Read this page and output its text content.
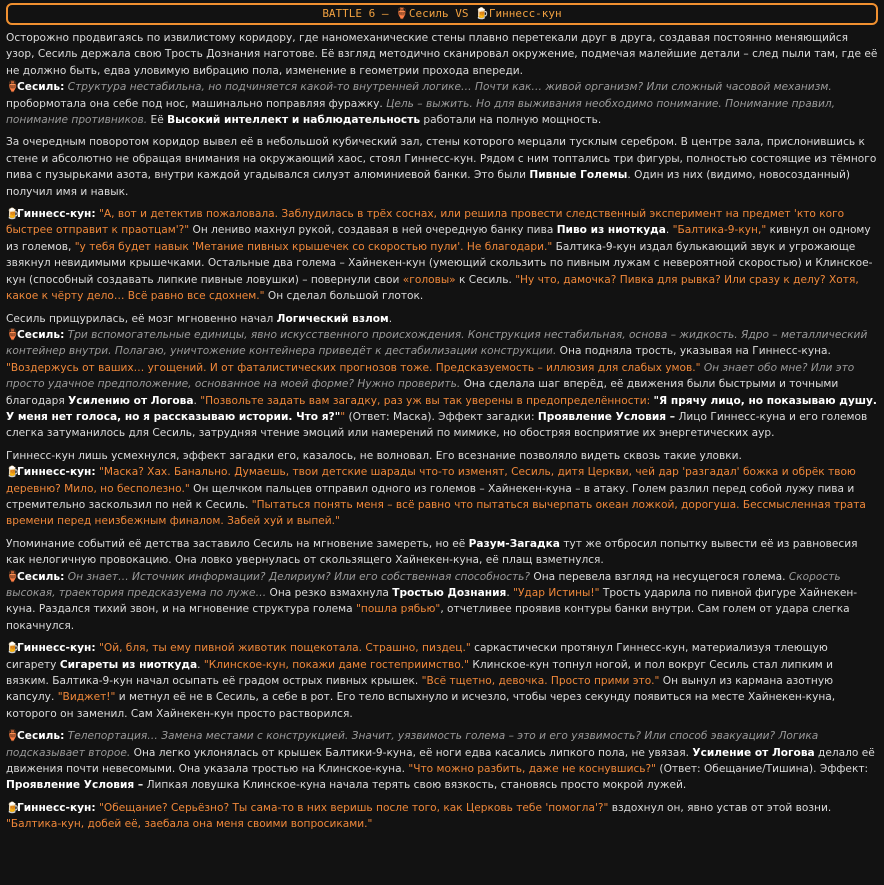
BATTLE 6 –
🏺 Сесиль
VS
🍺 Гиннесс-кун

Осторожно продвигаясь по извилистому коридору, где наномеханические стены плавно перетекали друг в друга, создавая постоянно меняющийся узор, Сесиль держала свою Трость Дознания наготове. Её взгляд методично сканировал окружение, подмечая малейшие детали – след пыли там, где её не должно быть, едва уловимую вибрацию пола, изменение в геометрии прохода впереди.
🏺Сесиль: Структура нестабильна, но подчиняется какой-то внутренней логике… Почти как… живой организм? Или сложный часовой механизм. пробормотала она себе под нос, машинально поправляя фуражку. Цель – выжить. Но для выживания необходимо понимание. Понимание правил, понимание противников. Её Высокий интеллект и наблюдательность работали на полную мощность.

За очередным поворотом коридор вывел её в небольшой кубический зал, стены которого мерцали тусклым серебром. В центре зала, прислонившись к стене и абсолютно не обращая внимания на окружающий хаос, стоял Гиннесс-кун. Рядом с ним топтались три фигуры, полностью состоящие из тёмного пива с пузырьками азота, внутри каждой угадывался силуэт алюминиевой банки. Это были Пивные Големы. Один из них (видимо, новосозданный) получил имя и навык.

🍺Гиннесс-кун: "А, вот и детектив пожаловала. Заблудилась в трёх соснах, или решила провести следственный эксперимент на предмет 'кто кого быстрее отправит к праотцам'?" Он лениво махнул рукой, создавая в ней очередную банку пива Пиво из ниоткуда. "Балтика-9-кун," кивнул он одному из големов, "у тебя будет навык 'Метание пивных крышечек со скоростью пули'. Не благодари." Балтика-9-кун издал булькающий звук и угрожающе звякнул невидимыми крышечками. Остальные два голема – Хайнекен-кун (умеющий скользить по пивным лужам с невероятной скоростью) и Клинское-кун (способный создавать липкие пивные ловушки) – повернули свои «головы» к Сесиль. "Ну что, дамочка? Пивка для рывка? Или сразу к делу? Хотя, какое к чёрту дело… Всё равно все сдохнем." Он сделал большой глоток.

Сесиль прищурилась, её мозг мгновенно начал Логический взлом.
🏺Сесиль: Три вспомогательные единицы, явно искусственного происхождения. Конструкция нестабильная, основа – жидкость. Ядро – металлический контейнер внутри. Полагаю, уничтожение контейнера приведёт к дестабилизации конструкции. Она подняла трость, указывая на Гиннесс-куна. "Воздержусь от ваших… угощений. И от фаталистических прогнозов тоже. Предсказуемость – иллюзия для слабых умов." Он знает обо мне? Или это просто удачное предположение, основанное на моей форме? Нужно проверить. Она сделала шаг вперёд, её движения были быстрыми и точными благодаря Усилению от Логова. "Позвольте задать вам загадку, раз уж вы так уверены в предопределённости: "Я прячу лицо, но показываю душу. У меня нет голоса, но я рассказываю истории. Что я?"" (Ответ: Маска). Эффект загадки: Проявление Условия – Лицо Гиннесс-куна и его големов слегка затуманилось для Сесиль, затрудняя чтение эмоций или намерений по мимике, но обостряя восприятие их энергетических аур.

Гиннесс-кун лишь усмехнулся, эффект загадки его, казалось, не волновал. Его всезнание позволяло видеть сквозь такие уловки.
🍺Гиннесс-кун: "Маска? Хах. Банально. Думаешь, твои детские шарады что-то изменят, Сесиль, дитя Церкви, чей дар 'разгадал' божка и обрёк твою деревню? Мило, но бесполезно." Он щелчком пальцев отправил одного из големов – Хайнекен-куна – в атаку. Голем разлил перед собой лужу пива и стремительно заскользил по ней к Сесиль. "Пытаться понять меня – всё равно что пытаться вычерпать океан ложкой, дорогуша. Бессмысленная трата времени перед неизбежным финалом. Забей хуй и выпей."

Упоминание событий её детства заставило Сесиль на мгновение замереть, но её Разум-Загадка тут же отбросил попытку вывести её из равновесия как нелогичную провокацию. Она ловко увернулась от скользящего Хайнекен-куна, её плащ взметнулся.
🏺Сесиль: Он знает… Источник информации? Делириум? Или его собственная способность? Она перевела взгляд на несущегося голема. Скорость высокая, траектория предсказуема по луже… Она резко взмахнула Тростью Дознания. "Удар Истины!" Трость ударила по пивной фигуре Хайнекен-куна. Раздался тихий звон, и на мгновение структура голема "пошла рябью", отчетливее проявив контуры банки внутри. Сам голем от удара слегка покачнулся.

🍺Гиннесс-кун: "Ой, бля, ты ему пивной животик пощекотала. Страшно, пиздец." саркастически протянул Гиннесс-кун, материализуя тлеющую сигарету Сигареты из ниоткуда. "Клинское-кун, покажи даме гостеприимство." Клинское-кун топнул ногой, и пол вокруг Сесиль стал липким и вязким. Балтика-9-кун начал осыпать её градом острых пивных крышек. "Всё тщетно, девочка. Просто прими это." Он вынул из кармана азотную капсулу. "Виджет!" и метнул её не в Сесиль, а себе в рот. Его тело вспыхнуло и исчезло, чтобы через секунду появиться на месте Хайнекен-куна, которого он заменил. Сам Хайнекен-кун просто растворился.

🏺Сесиль: Телепортация… Замена местами с конструкцией. Значит, уязвимость голема – это и его уязвимость? Или способ эвакуации? Логика подсказывает второе. Она легко уклонялась от крышек Балтики-9-куна, её ноги едва касались липкого пола, не увязая. Усиление от Логова делало её движения почти невесомыми. Она указала тростью на Клинское-куна. "Что можно разбить, даже не коснувшись?" (Ответ: Обещание/Тишина). Эффект: Проявление Условия – Липкая ловушка Клинское-куна начала терять свою вязкость, становясь просто мокрой лужей.

🍺Гиннесс-кун: "Обещание? Серьёзно? Ты сама-то в них веришь после того, как Церковь тебе 'помогла'?" вздохнул он, явно устав от этой возни. "Балтика-кун, добей её, заебала она меня своими вопросиками."
